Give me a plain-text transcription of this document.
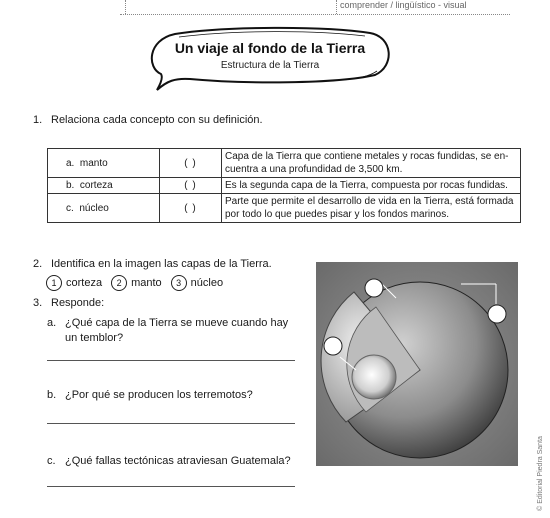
comprender / lingüístico - visual
Un viaje al fondo de la Tierra
Estructura de la Tierra
1. Relaciona cada concepto con su definición.
a. manto	( )	Capa de la Tierra que contiene metales y rocas fundidas, se en-cuentra a una profundidad de 3,500 km.
b. corteza	( )	Es la segunda capa de la Tierra, compuesta por rocas fundidas.
c. núcleo	( )	Parte que permite el desarrollo de vida en la Tierra, está formada por todo lo que puedes pisar y los fondos marinos.
2. Identifica en la imagen las capas de la Tierra.
1 corteza	2 manto	3 núcleo
3. Responde:
a. ¿Qué capa de la Tierra se mueve cuando hay
un temblor?
b. ¿Por qué se producen los terremotos?
c. ¿Qué fallas tectónicas atraviesan Guatemala?	© Editorial Piedra Santa
